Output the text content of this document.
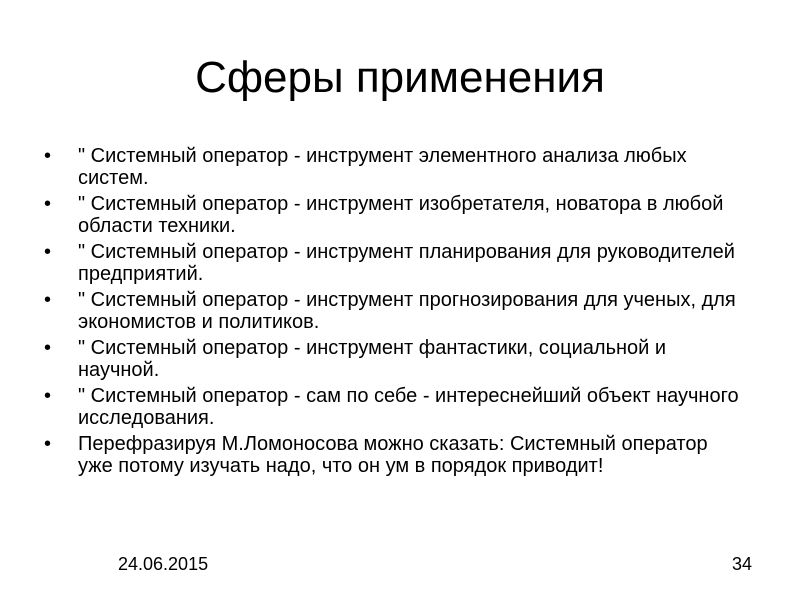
Сферы применения
•	" Системный оператор - инструмент элементного анализа любых систем.
•	" Системный оператор - инструмент изобретателя, новатора в любой области техники.
•	" Системный оператор - инструмент планирования для руководителей предприятий.
•	" Системный оператор - инструмент прогнозирования для ученых, для экономистов и политиков.
•	" Системный оператор - инструмент фантастики, социальной и научной.
•	" Системный оператор - сам по себе - интереснейший объект научного исследования.
•	Перефразируя М.Ломоносова можно сказать: Системный оператор уже потому изучать надо, что он ум в порядок приводит!
24.06.2015	34
